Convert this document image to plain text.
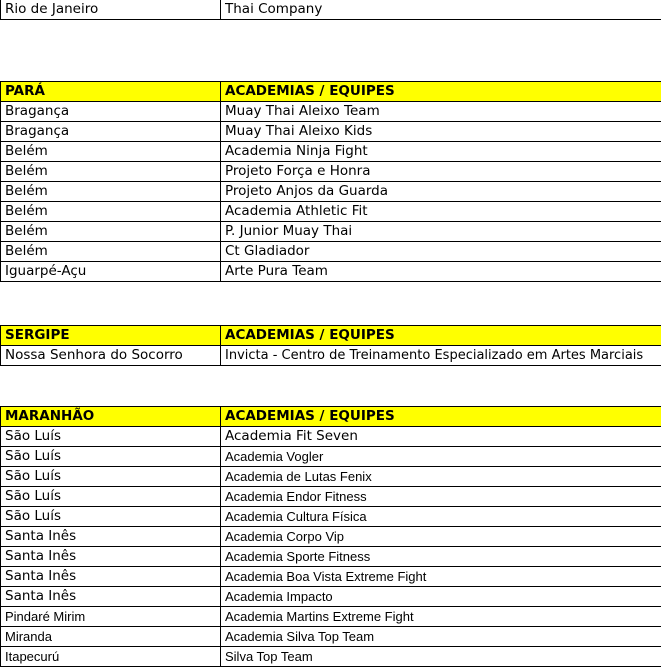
Rio de Janeiro	Thai Company
PARÁ	ACADEMIAS / EQUIPES
Bragança	Muay Thai Aleixo Team
Bragança	Muay Thai Aleixo Kids
Belém	Academia Ninja Fight
Belém	Projeto Força e Honra
Belém	Projeto Anjos da Guarda
Belém	Academia Athletic Fit
Belém	P. Junior Muay Thai
Belém	Ct Gladiador
Iguarpé-Açu	Arte Pura Team
SERGIPE	ACADEMIAS / EQUIPES
Nossa Senhora do Socorro	Invicta - Centro de Treinamento Especializado em Artes Marciais
MARANHÃO	ACADEMIAS / EQUIPES
São Luís	Academia Fit Seven
São Luís	Academia Vogler
São Luís	Academia de Lutas Fenix
São Luís	Academia Endor Fitness
São Luís	Academia Cultura Física
Santa Inês	Academia Corpo Vip
Santa Inês	Academia Sporte Fitness
Santa Inês	Academia Boa Vista Extreme Fight
Santa Inês	Academia Impacto
Pindaré Mirim	Academia Martins Extreme Fight
Miranda	Academia Silva Top Team
Itapecurú	Silva Top Team
